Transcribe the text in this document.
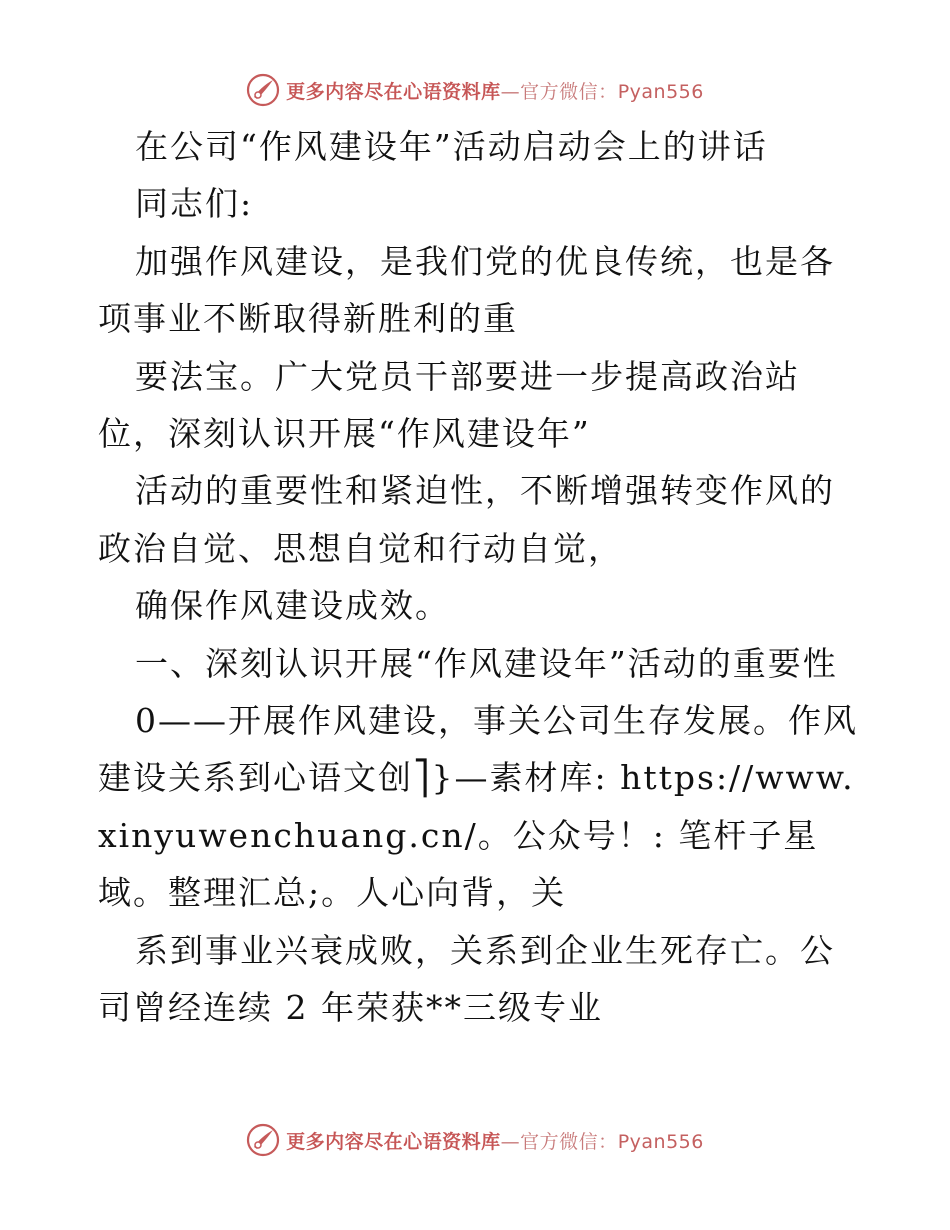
更多内容尽在心语资料库—官方微信：Pyan556

在公司“作风建设年”活动启动会上的讲话

同志们:

加强作风建设，是我们党的优良传统，也是各项事业不断取得新胜利的重

要法宝。广大党员干部要进一步提高政治站位，深刻认识开展“作风建设年”

活动的重要性和紧迫性，不断增强转变作风的政治自觉、思想自觉和行动自觉，

确保作风建设成效。

一、深刻认识开展“作风建设年”活动的重要性

0——开展作风建设，事关公司生存发展。作风建设关系到心语文创⎤}—素材库: https://www.xinyuwenchuang.cn/。公众号！: 笔杆子星域。整理汇总;。人心向背，关

系到事业兴衰成败，关系到企业生死存亡。公司曾经连续 2 年荣获**三级专业

更多内容尽在心语资料库—官方微信：Pyan556
